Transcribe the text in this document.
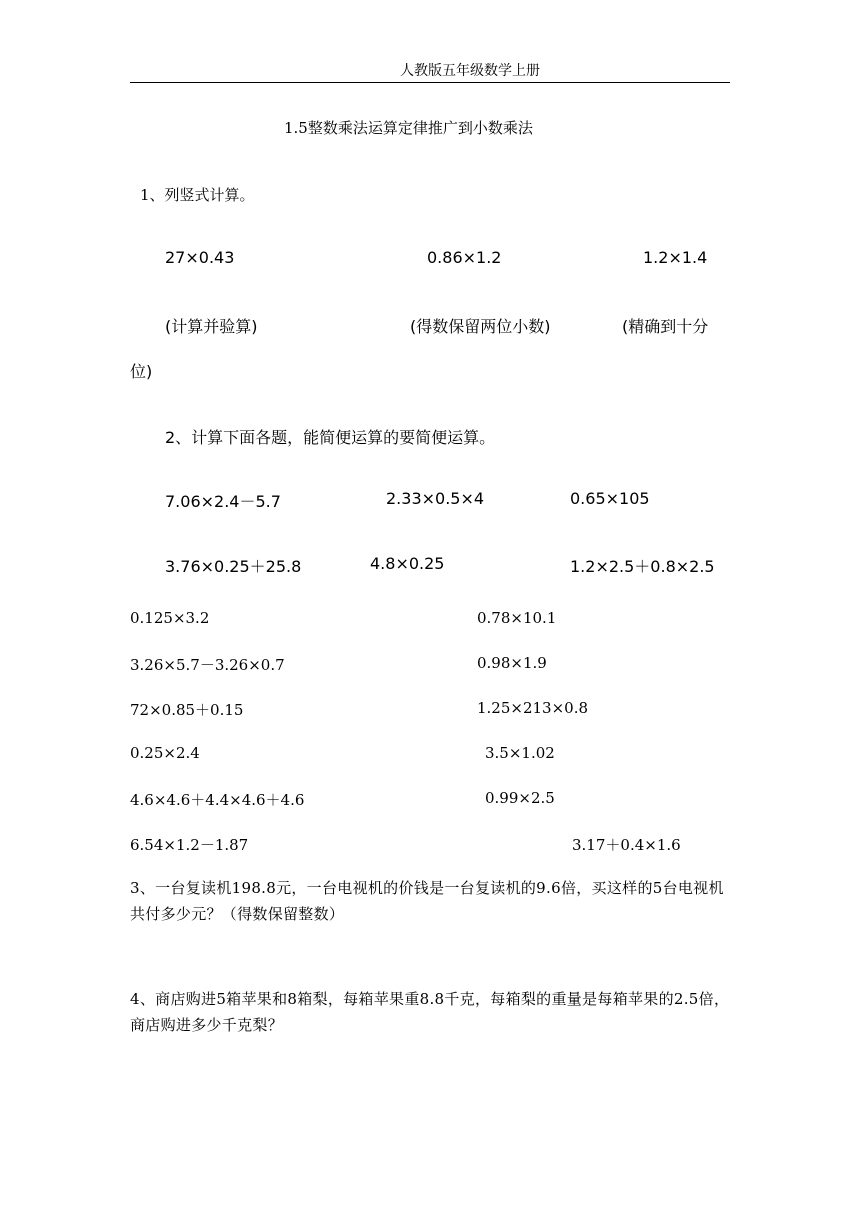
人教版五年级数学上册
1.5整数乘法运算定律推广到小数乘法
1、列竖式计算。
27×0.43	0.86×1.2	1.2×1.4
(计算并验算)	(得数保留两位小数)	(精确到十分
位)
2、计算下面各题，能简便运算的要简便运算。
7.06×2.4－5.7	2.33×0.5×4	0.65×105
3.76×0.25＋25.8	4.8×0.25	1.2×2.5＋0.8×2.5
0.125×3.2	0.78×10.1
3.26×5.7－3.26×0.7	0.98×1.9
72×0.85＋0.15	1.25×213×0.8
0.25×2.4	3.5×1.02
4.6×4.6＋4.4×4.6＋4.6	0.99×2.5
6.54×1.2－1.87	3.17＋0.4×1.6
3、一台复读机198.8元，一台电视机的价钱是一台复读机的9.6倍，买这样的5台电视机共付多少元？（得数保留整数）
4、商店购进5箱苹果和8箱梨，每箱苹果重8.8千克，每箱梨的重量是每箱苹果的2.5倍，商店购进多少千克梨？
